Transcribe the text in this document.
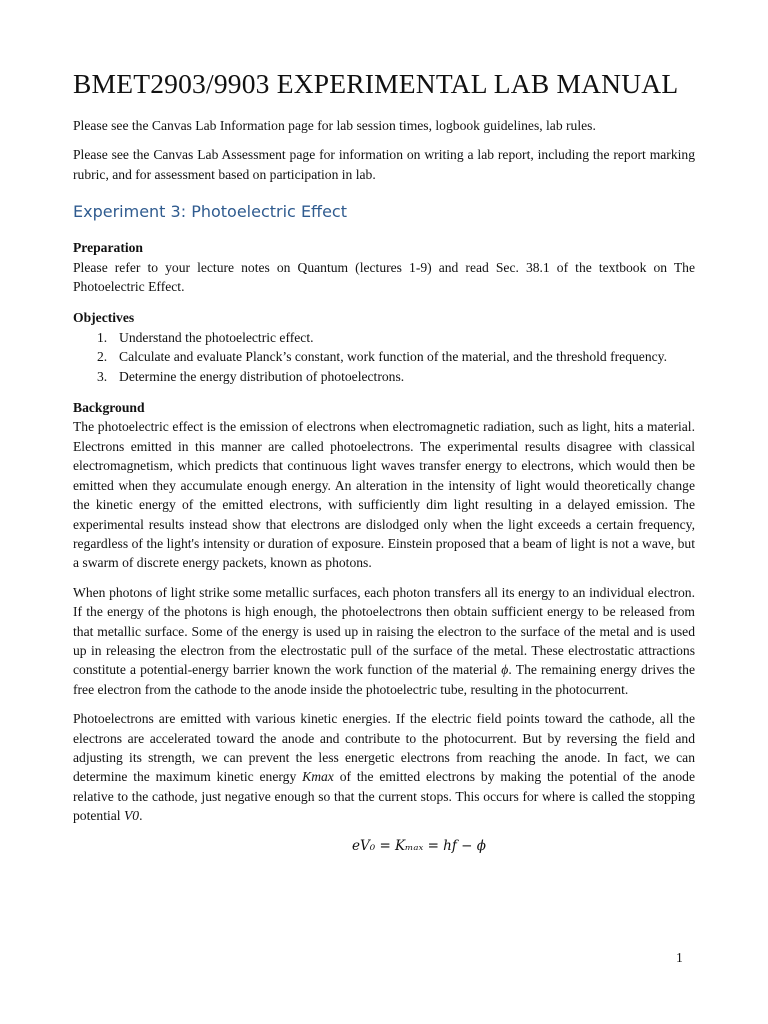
BMET2903/9903 EXPERIMENTAL LAB MANUAL

Please see the Canvas Lab Information page for lab session times, logbook guidelines, lab rules.

Please see the Canvas Lab Assessment page for information on writing a lab report, including the report marking rubric, and for assessment based on participation in lab.

Experiment 3: Photoelectric Effect
Preparation

Please refer to your lecture notes on Quantum (lectures 1-9) and read Sec. 38.1 of the textbook on The Photoelectric Effect.

Objectives
1. Understand the photoelectric effect.
2. Calculate and evaluate Planck’s constant, work function of the material, and the threshold frequency.
3. Determine the energy distribution of photoelectrons.
Background

The photoelectric effect is the emission of electrons when electromagnetic radiation, such as light, hits a material. Electrons emitted in this manner are called photoelectrons. The experimental results disagree with classical electromagnetism, which predicts that continuous light waves transfer energy to electrons, which would then be emitted when they accumulate enough energy. An alteration in the intensity of light would theoretically change the kinetic energy of the emitted electrons, with sufficiently dim light resulting in a delayed emission. The experimental results instead show that electrons are dislodged only when the light exceeds a certain frequency, regardless of the light's intensity or duration of exposure. Einstein proposed that a beam of light is not a wave, but a swarm of discrete energy packets, known as photons.

When photons of light strike some metallic surfaces, each photon transfers all its energy to an individual electron. If the energy of the photons is high enough, the photoelectrons then obtain sufficient energy to be released from that metallic surface. Some of the energy is used up in raising the electron to the surface of the metal and is used up in releasing the electron from the electrostatic pull of the surface of the metal. These electrostatic attractions constitute a potential-energy barrier known the work function of the material ϕ. The remaining energy drives the free electron from the cathode to the anode inside the photoelectric tube, resulting in the photocurrent.

Photoelectrons are emitted with various kinetic energies. If the electric field points toward the cathode, all the electrons are accelerated toward the anode and contribute to the photocurrent. But by reversing the field and adjusting its strength, we can prevent the less energetic electrons from reaching the anode. In fact, we can determine the maximum kinetic energy Kmax of the emitted electrons by making the potential of the anode relative to the cathode, just negative enough so that the current stops. This occurs for where is called the stopping potential V0.

eV₀ = Kₘₐₓ = hf − ϕ
1
